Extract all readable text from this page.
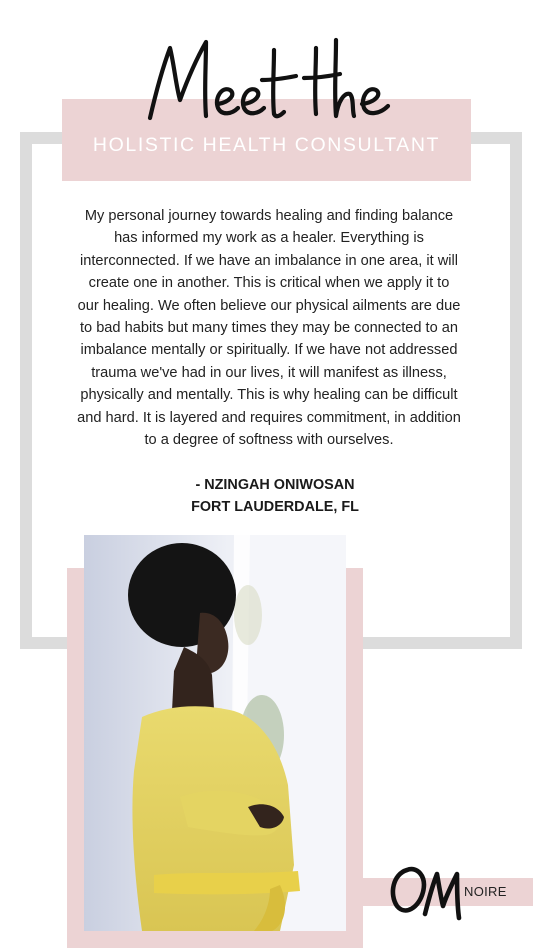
HOLISTIC HEALTH CONSULTANT
My personal journey towards healing and finding balance
has informed my work as a healer. Everything is
interconnected. If we have an imbalance in one area, it will
create one in another. This is critical when we apply it to
our healing. We often believe our physical ailments are due
to bad habits but many times they may be connected to an
imbalance mentally or spiritually. If we have not addressed
trauma we've had in our lives, it will manifest as illness,
physically and mentally. This is why healing can be difficult
and hard. It is layered and requires commitment, in addition
to a degree of softness with ourselves.
- NZINGAH ONIWOSAN
FORT LAUDERDALE, FL
NOIRE
